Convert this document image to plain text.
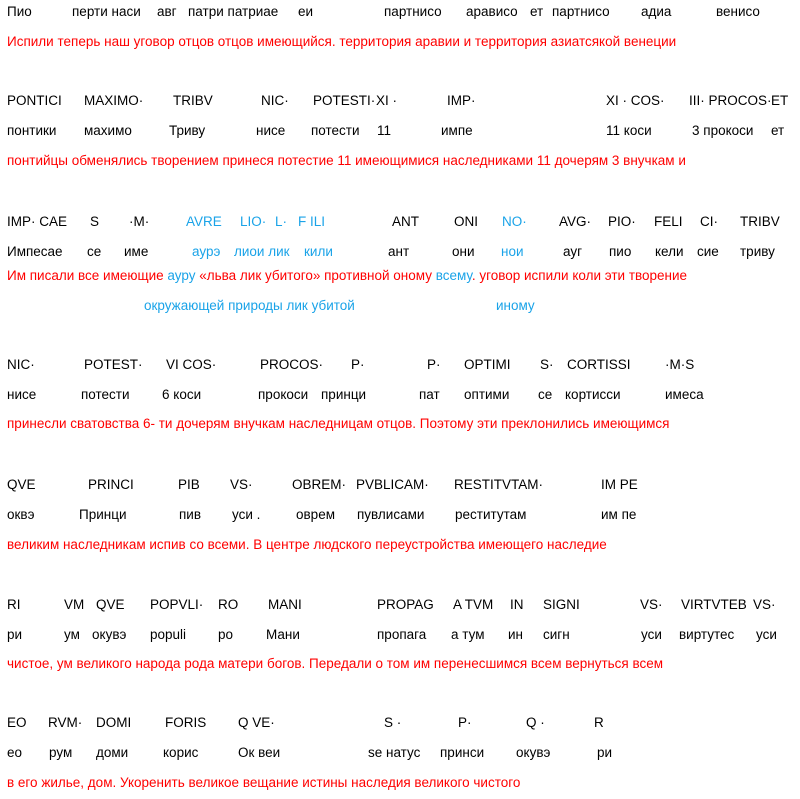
Пио	перти наси авг патри патриае еи	партнисо арависо ет партнисо адиа	венисо
Испили теперь наш уговор отцов отцов имеющийся. территория аравии и территория азиатсякой венеции
PONTICI MAXIMO· TRIBV	NIC· POTESTI· XI ·	IMP·	XI · COS· III· PROCOS· ET
понтики махимо	Триву	нисе потести 11	импе	11 коси	3 прокоси ет
понтийцы обменялись творением принеся потестие 11 имеющимися наследниками 11 дочерям 3 внучкам и
IMP· CAE S ·M·	AVRE LIO· L· F ILI	ANT	ONI NO· AVG· PIO· FELI CI· TRIBV
Импесае се име	аурэ лиои лик кили	ант	они нои	ауг пио кели сие триву
Им писали все имеющие ауру «льва лик убитого» противной оному всему. уговор испили коли эти творение
окружающей природы лик убитой	иному
NIC·	POTEST· VI COS·	PROCOS· P·	P· OPTIMI S· CORTISSI	·M·S
нисе	потести 6 коси	прокоси принци	пат оптими се кортисси	имеса
принесли сватовства 6- ти дочерям внучкам наследницам отцов. Поэтому эти преклонились имеющимся
QVE	PRINCI	PIB VS·	OBREM· PVBLICAM· RESTITVTAM·	IM PE
оквэ	Принци	пив уси .	оврем пувлисами реститутам	им пе
великим наследникам испив со всеми. В центре людского переустройства имеющего наследие
RI	VM QVE POPVLI· RO MANI	PROPAG A TVM IN SIGNI	VS· VIRTVTEB VS·
ри	ум окувэ populi ро Мани	пропага а тум ин сигн	уси виртутес уси
чистое, ум великого народа рода матери богов. Передали о том им перенесшимся всем вернуться всем
EO RVM· DOMI	FORIS Q VE·	S ·	P·	Q ·	R
ео рум доми	корис	Ок веи	se натус принси окувэ	ри
в его жилье, дом. Укоренить великое вещание истины наследия великого чистого
